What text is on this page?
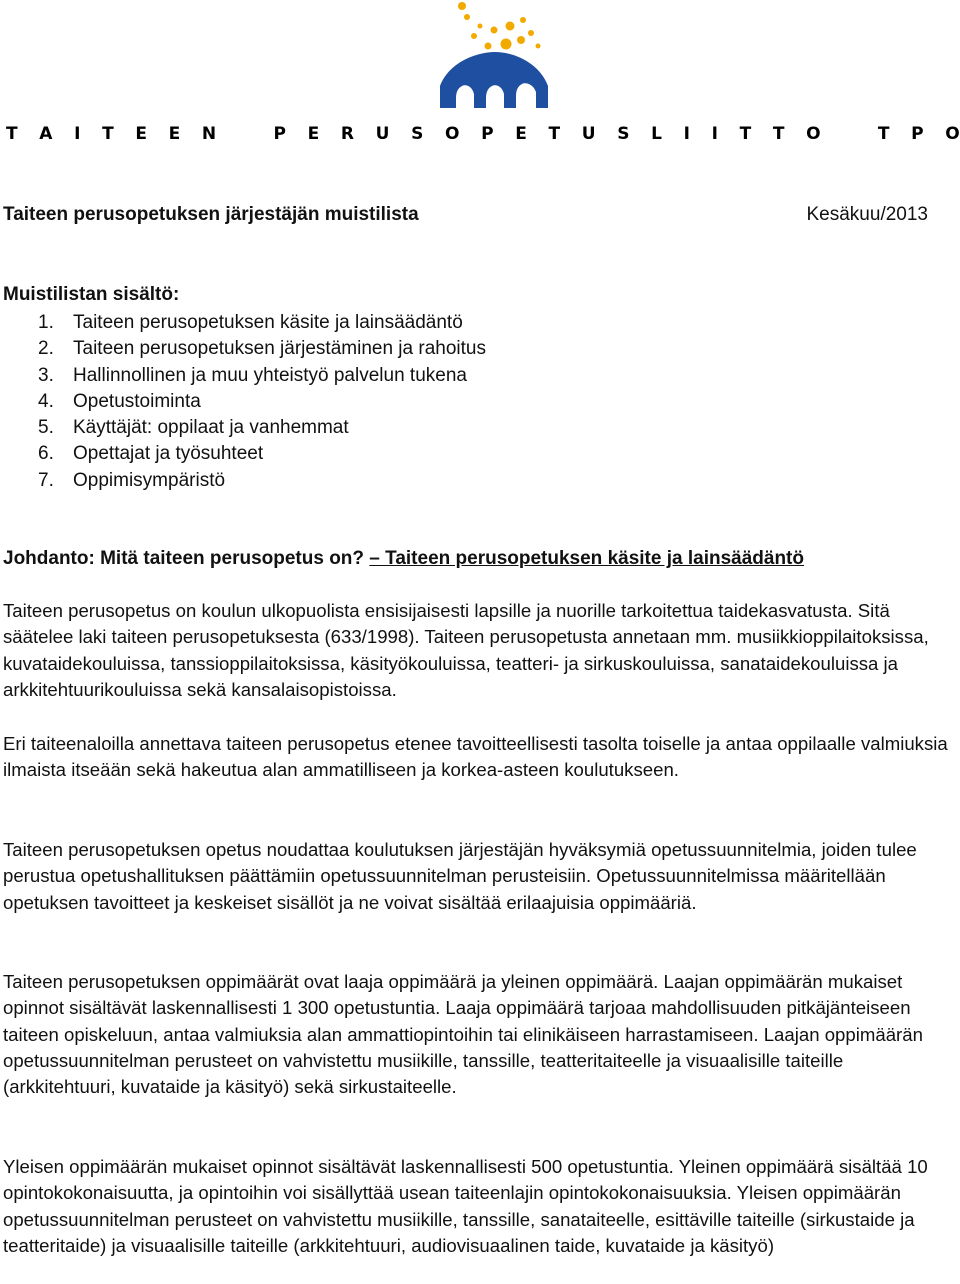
T A I T E E N
	P E R U S O P E T U S L I I T T O
	T P O
Taiteen perusopetuksen järjestäjän muistilista	Kesäkuu/2013
Muistilistan sisältö:
1.	Taiteen perusopetuksen käsite ja lainsäädäntö
2.	Taiteen perusopetuksen järjestäminen ja rahoitus
3.	Hallinnollinen ja muu yhteistyö palvelun tukena
4.	Opetustoiminta
5.	Käyttäjät: oppilaat ja vanhemmat
6.	Opettajat ja työsuhteet
7.	Oppimisympäristö
Johdanto: Mitä taiteen perusopetus on? – Taiteen perusopetuksen käsite ja lainsäädäntö

Taiteen perusopetus on koulun ulkopuolista ensisijaisesti lapsille ja nuorille tarkoitettua taidekasvatusta. Sitä säätelee laki taiteen perusopetuksesta (633/1998). Taiteen perusopetusta annetaan mm. musiikkioppilaitoksissa, kuvataidekouluissa, tanssioppilaitoksissa, käsityökouluissa, teatteri- ja sirkuskouluissa, sanataidekouluissa ja arkkitehtuurikouluissa sekä kansalaisopistoissa.

Eri taiteenaloilla annettava taiteen perusopetus etenee tavoitteellisesti tasolta toiselle ja antaa oppilaalle valmiuksia ilmaista itseään sekä hakeutua alan ammatilliseen ja korkea-asteen koulutukseen.

Taiteen perusopetuksen opetus noudattaa koulutuksen järjestäjän hyväksymiä opetussuunnitelmia, joiden tulee perustua opetushallituksen päättämiin opetussuunnitelman perusteisiin. Opetussuunnitelmissa määritellään opetuksen tavoitteet ja keskeiset sisällöt ja ne voivat sisältää erilaajuisia oppimääriä.

Taiteen perusopetuksen oppimäärät ovat laaja oppimäärä ja yleinen oppimäärä. Laajan oppimäärän mukaiset opinnot sisältävät laskennallisesti 1 300 opetustuntia. Laaja oppimäärä tarjoaa mahdollisuuden pitkäjänteiseen taiteen opiskeluun, antaa valmiuksia alan ammattiopintoihin tai elinikäiseen harrastamiseen. Laajan oppimäärän opetussuunnitelman perusteet on vahvistettu musiikille, tanssille, teatteritaiteelle ja visuaalisille taiteille (arkkitehtuuri, kuvataide ja käsityö) sekä sirkustaiteelle.

Yleisen oppimäärän mukaiset opinnot sisältävät laskennallisesti 500 opetustuntia. Yleinen oppimäärä sisältää 10 opintokokonaisuutta, ja opintoihin voi sisällyttää usean taiteenlajin opintokokonaisuuksia. Yleisen oppimäärän opetussuunnitelman perusteet on vahvistettu musiikille, tanssille, sanataiteelle, esittäville taiteille (sirkustaide ja teatteritaide) ja visuaalisille taiteille (arkkitehtuuri, audiovisuaalinen taide, kuvataide ja käsityö)
